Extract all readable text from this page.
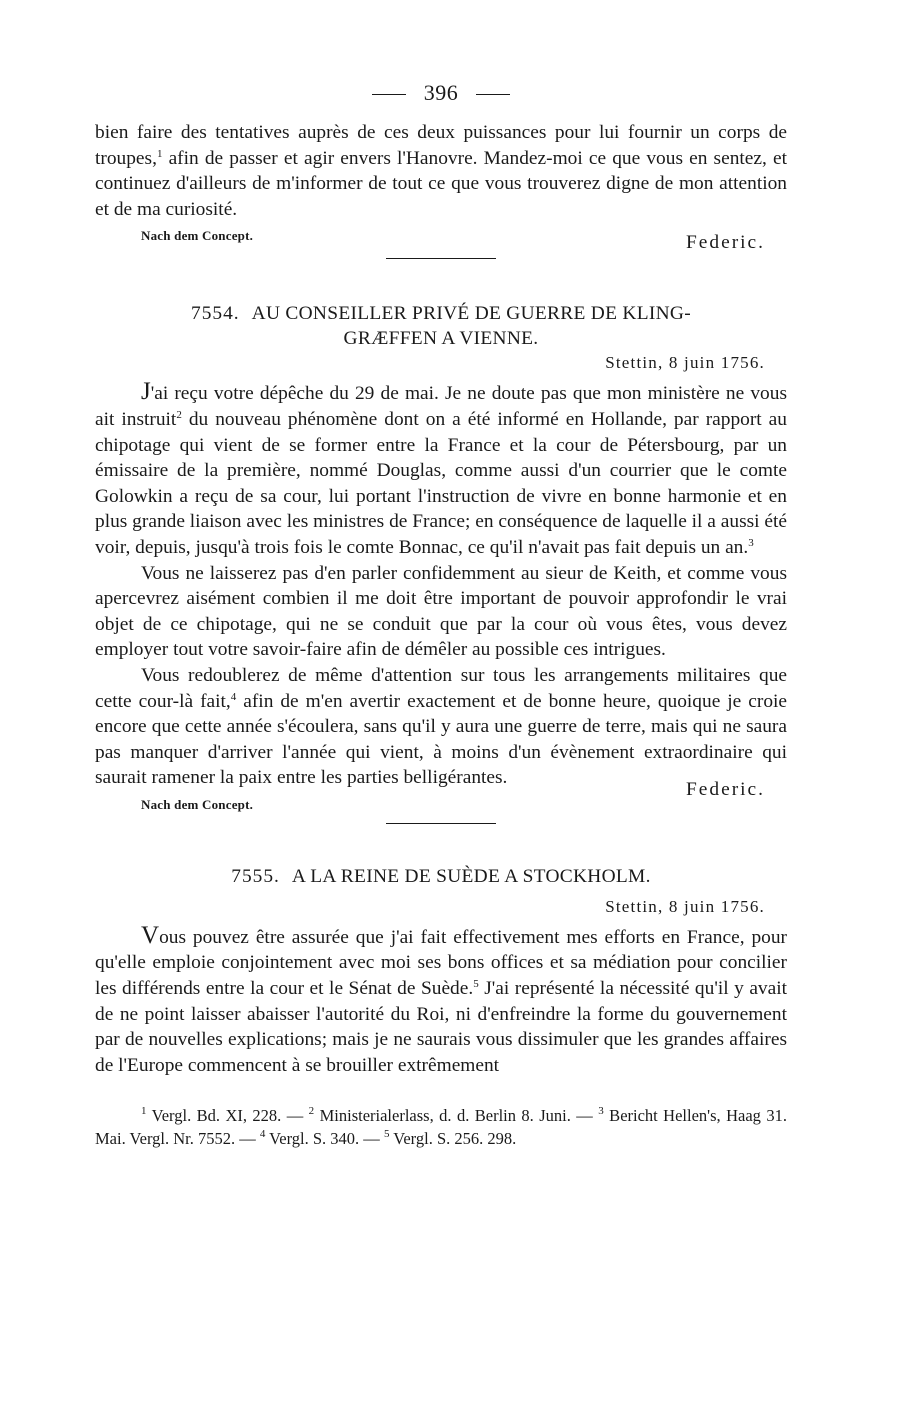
396

bien faire des tentatives auprès de ces deux puissances pour lui fournir un corps de troupes,$^1$ afin de passer et agir envers l'Hanovre. Mandez-moi ce que vous en sentez, et continuez d'ailleurs de m'informer de tout ce que vous trouverez digne de mon attention et de ma curiosité.

Nach dem Concept.	Federic.
7554. AU CONSEILLER PRIVÉ DE GUERRE DE KLING-
GRÆFFEN A VIENNE.
Stettin, 8 juin 1756.

J'ai reçu votre dépêche du 29 de mai. Je ne doute pas que mon ministère ne vous ait instruit$^2$ du nouveau phénomène dont on a été informé en Hollande, par rapport au chipotage qui vient de se former entre la France et la cour de Pétersbourg, par un émissaire de la première, nommé Douglas, comme aussi d'un courrier que le comte Golowkin a reçu de sa cour, lui portant l'instruction de vivre en bonne harmonie et en plus grande liaison avec les ministres de France; en conséquence de laquelle il a aussi été voir, depuis, jusqu'à trois fois le comte Bonnac, ce qu'il n'avait pas fait depuis un an.$^3$

Vous ne laisserez pas d'en parler confidemment au sieur de Keith, et comme vous apercevrez aisément combien il me doit être important de pouvoir approfondir le vrai objet de ce chipotage, qui ne se conduit que par la cour où vous êtes, vous devez employer tout votre savoir-faire afin de démêler au possible ces intrigues.

Vous redoublerez de même d'attention sur tous les arrangements militaires que cette cour-là fait,$^4$ afin de m'en avertir exactement et de bonne heure, quoique je croie encore que cette année s'écoulera, sans qu'il y aura une guerre de terre, mais qui ne saura pas manquer d'arriver l'année qui vient, à moins d'un évènement extraordinaire qui saurait ramener la paix entre les parties belligérantes.

Nach dem Concept.
Federic.
7555. A LA REINE DE SUÈDE A STOCKHOLM.
Stettin, 8 juin 1756.

Vous pouvez être assurée que j'ai fait effectivement mes efforts en France, pour qu'elle emploie conjointement avec moi ses bons offices et sa médiation pour concilier les différends entre la cour et le Sénat de Suède.$^5$ J'ai représenté la nécessité qu'il y avait de ne point laisser abaisser l'autorité du Roi, ni d'enfreindre la forme du gouvernement par de nouvelles explications; mais je ne saurais vous dissimuler que les grandes affaires de l'Europe commencent à se brouiller extrêmement

$^1$ Vergl. Bd. XI, 228. — $^2$ Ministerialerlass, d. d. Berlin 8. Juni. — $^3$ Bericht Hellen's, Haag 31. Mai. Vergl. Nr. 7552. — $^4$ Vergl. S. 340. — $^5$ Vergl. S. 256. 298.
